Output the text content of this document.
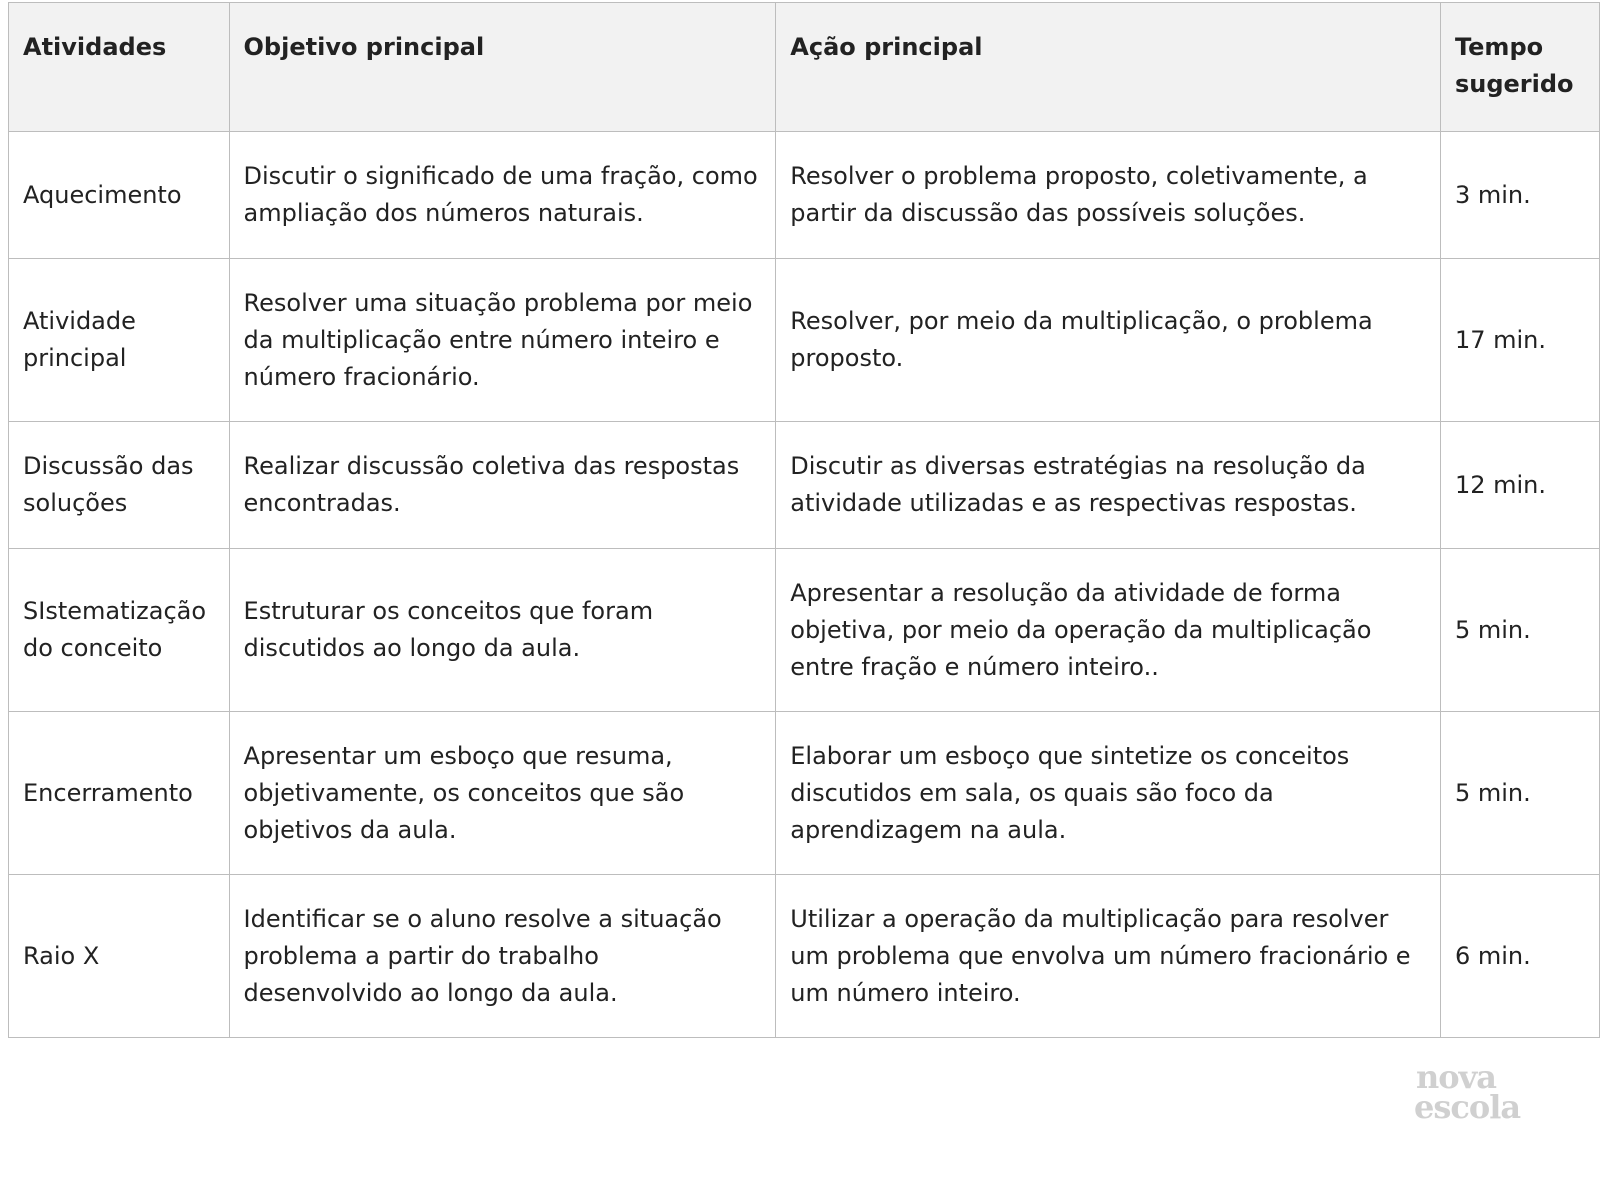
Atividades	Objetivo principal	Ação principal	Tempo sugerido
Aquecimento	Discutir o significado de uma fração, como ampliação dos números naturais.	Resolver o problema proposto, coletivamente, a partir da discussão das possíveis soluções.	3 min.
Atividade principal	Resolver uma situação problema por meio da multiplicação entre número inteiro e número fracionário.	Resolver, por meio da multiplicação, o problema proposto.	17 min.
Discussão das soluções	Realizar discussão coletiva das respostas encontradas.	Discutir as diversas estratégias na resolução da atividade utilizadas e as respectivas respostas.	12 min.
SIstematização do conceito	Estruturar os conceitos que foram discutidos ao longo da aula.	Apresentar a resolução da atividade de forma objetiva, por meio da operação da multiplicação entre fração e número inteiro..	5 min.
Encerramento	Apresentar um esboço que resuma, objetivamente, os conceitos que são objetivos da aula.	Elaborar um esboço que sintetize os conceitos discutidos em sala, os quais são foco da aprendizagem na aula.	5 min.
Raio X	Identificar se o aluno resolve a situação problema a partir do trabalho desenvolvido ao longo da aula.	Utilizar a operação da multiplicação para resolver um problema que envolva um número fracionário e um número inteiro.	6 min.
nova
escola
